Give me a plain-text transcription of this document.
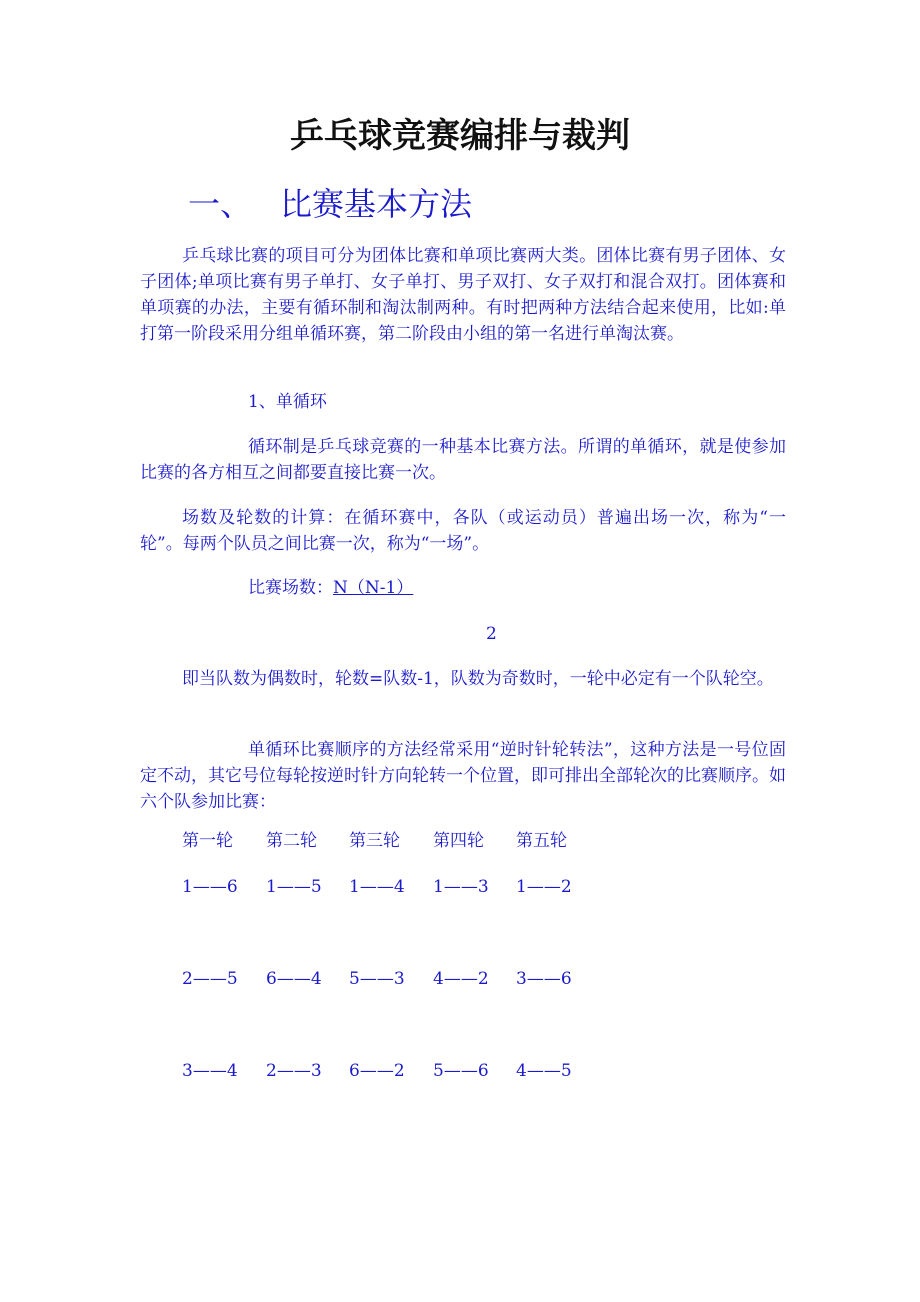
乒乓球竞赛编排与裁判
一、 比赛基本方法

乒乓球比赛的项目可分为团体比赛和单项比赛两大类。团体比赛有男子团体、女子团体;单项比赛有男子单打、女子单打、男子双打、女子双打和混合双打。团体赛和单项赛的办法，主要有循环制和淘汰制两种。有时把两种方法结合起来使用，比如:单打第一阶段采用分组单循环赛，第二阶段由小组的第一名进行单淘汰赛。

1、单循环

循环制是乒乓球竞赛的一种基本比赛方法。所谓的单循环，就是使参加比赛的各方相互之间都要直接比赛一次。

场数及轮数的计算：在循环赛中，各队（或运动员）普遍出场一次，称为“一轮”。每两个队员之间比赛一次，称为“一场”。

比赛场数：N（N-1）
2

即当队数为偶数时，轮数=队数-1，队数为奇数时，一轮中必定有一个队轮空。

单循环比赛顺序的方法经常采用“逆时针轮转法”，这种方法是一号位固定不动，其它号位每轮按逆时针方向轮转一个位置，即可排出全部轮次的比赛顺序。如六个队参加比赛：

第一轮 第二轮 第三轮 第四轮 第五轮
1——6 1——5 1——4 1——3 1——2
2——5 6——4 5——3 4——2 3——6
3——4 2——3 6——2 5——6 4——5
